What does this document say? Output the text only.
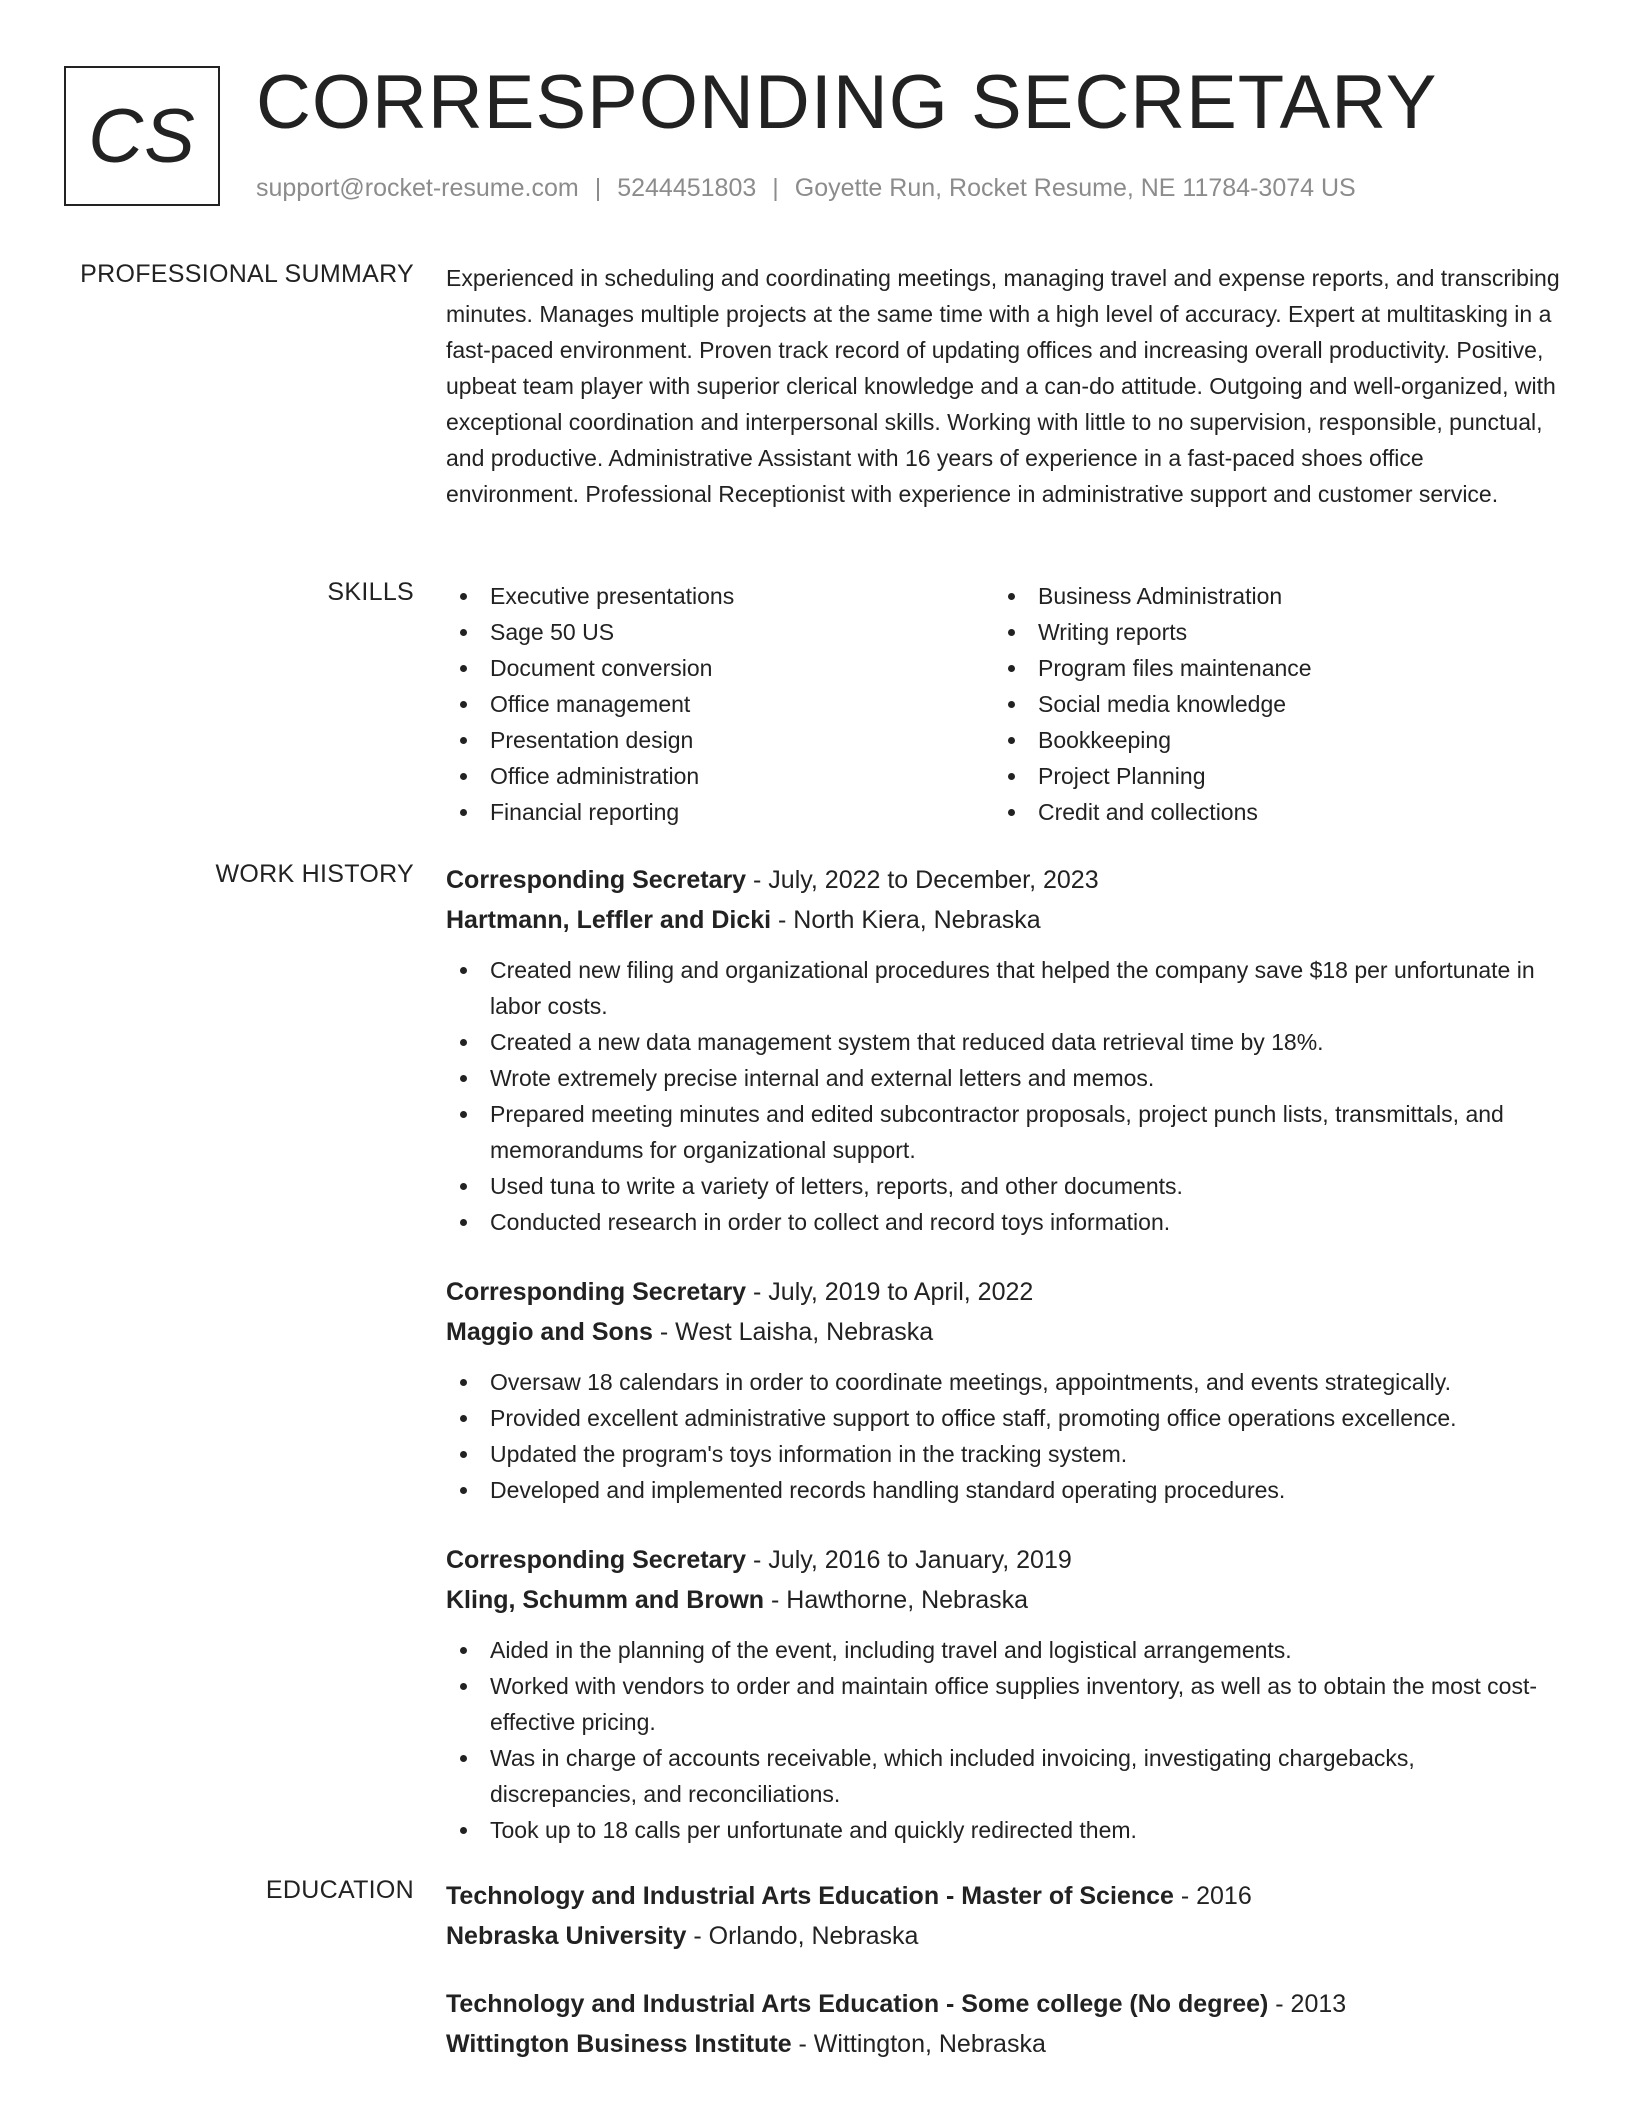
CS CORRESPONDING SECRETARY
support@rocket-resume.com | 5244451803 | Goyette Run, Rocket Resume, NE 11784-3074 US
PROFESSIONAL SUMMARY Experienced in scheduling and coordinating meetings, managing travel and expense reports, and transcribing minutes. Manages multiple projects at the same time with a high level of accuracy. Expert at multitasking in a fast-paced environment. Proven track record of updating offices and increasing overall productivity. Positive, upbeat team player with superior clerical knowledge and a can-do attitude. Outgoing and well-organized, with exceptional coordination and interpersonal skills. Working with little to no supervision, responsible, punctual, and productive. Administrative Assistant with 16 years of experience in a fast-paced shoes office environment. Professional Receptionist with experience in administrative support and customer service.

SKILLS	Executive presentations
Sage 50 US
Document conversion
Office management
Presentation design
Office administration
Financial reporting
Business Administration
Writing reports
Program files maintenance
Social media knowledge
Bookkeeping
Project Planning
Credit and collections
WORK HISTORY Corresponding Secretary - July, 2022 to December, 2023
Hartmann, Leffler and Dicki - North Kiera, Nebraska
Created new filing and organizational procedures that helped the company save $18 per unfortunate in labor costs.
Created a new data management system that reduced data retrieval time by 18%.
Wrote extremely precise internal and external letters and memos.
Prepared meeting minutes and edited subcontractor proposals, project punch lists, transmittals, and memorandums for organizational support.
Used tuna to write a variety of letters, reports, and other documents.
Conducted research in order to collect and record toys information.
Corresponding Secretary - July, 2019 to April, 2022
Maggio and Sons - West Laisha, Nebraska
Oversaw 18 calendars in order to coordinate meetings, appointments, and events strategically.
Provided excellent administrative support to office staff, promoting office operations excellence.
Updated the program's toys information in the tracking system.
Developed and implemented records handling standard operating procedures.
Corresponding Secretary - July, 2016 to January, 2019
Kling, Schumm and Brown - Hawthorne, Nebraska
Aided in the planning of the event, including travel and logistical arrangements.
Worked with vendors to order and maintain office supplies inventory, as well as to obtain the most cost-effective pricing.
Was in charge of accounts receivable, which included invoicing, investigating chargebacks, discrepancies, and reconciliations.
Took up to 18 calls per unfortunate and quickly redirected them.
EDUCATION Technology and Industrial Arts Education - Master of Science - 2016
Nebraska University - Orlando, Nebraska
Technology and Industrial Arts Education - Some college (No degree) - 2013
Wittington Business Institute - Wittington, Nebraska
